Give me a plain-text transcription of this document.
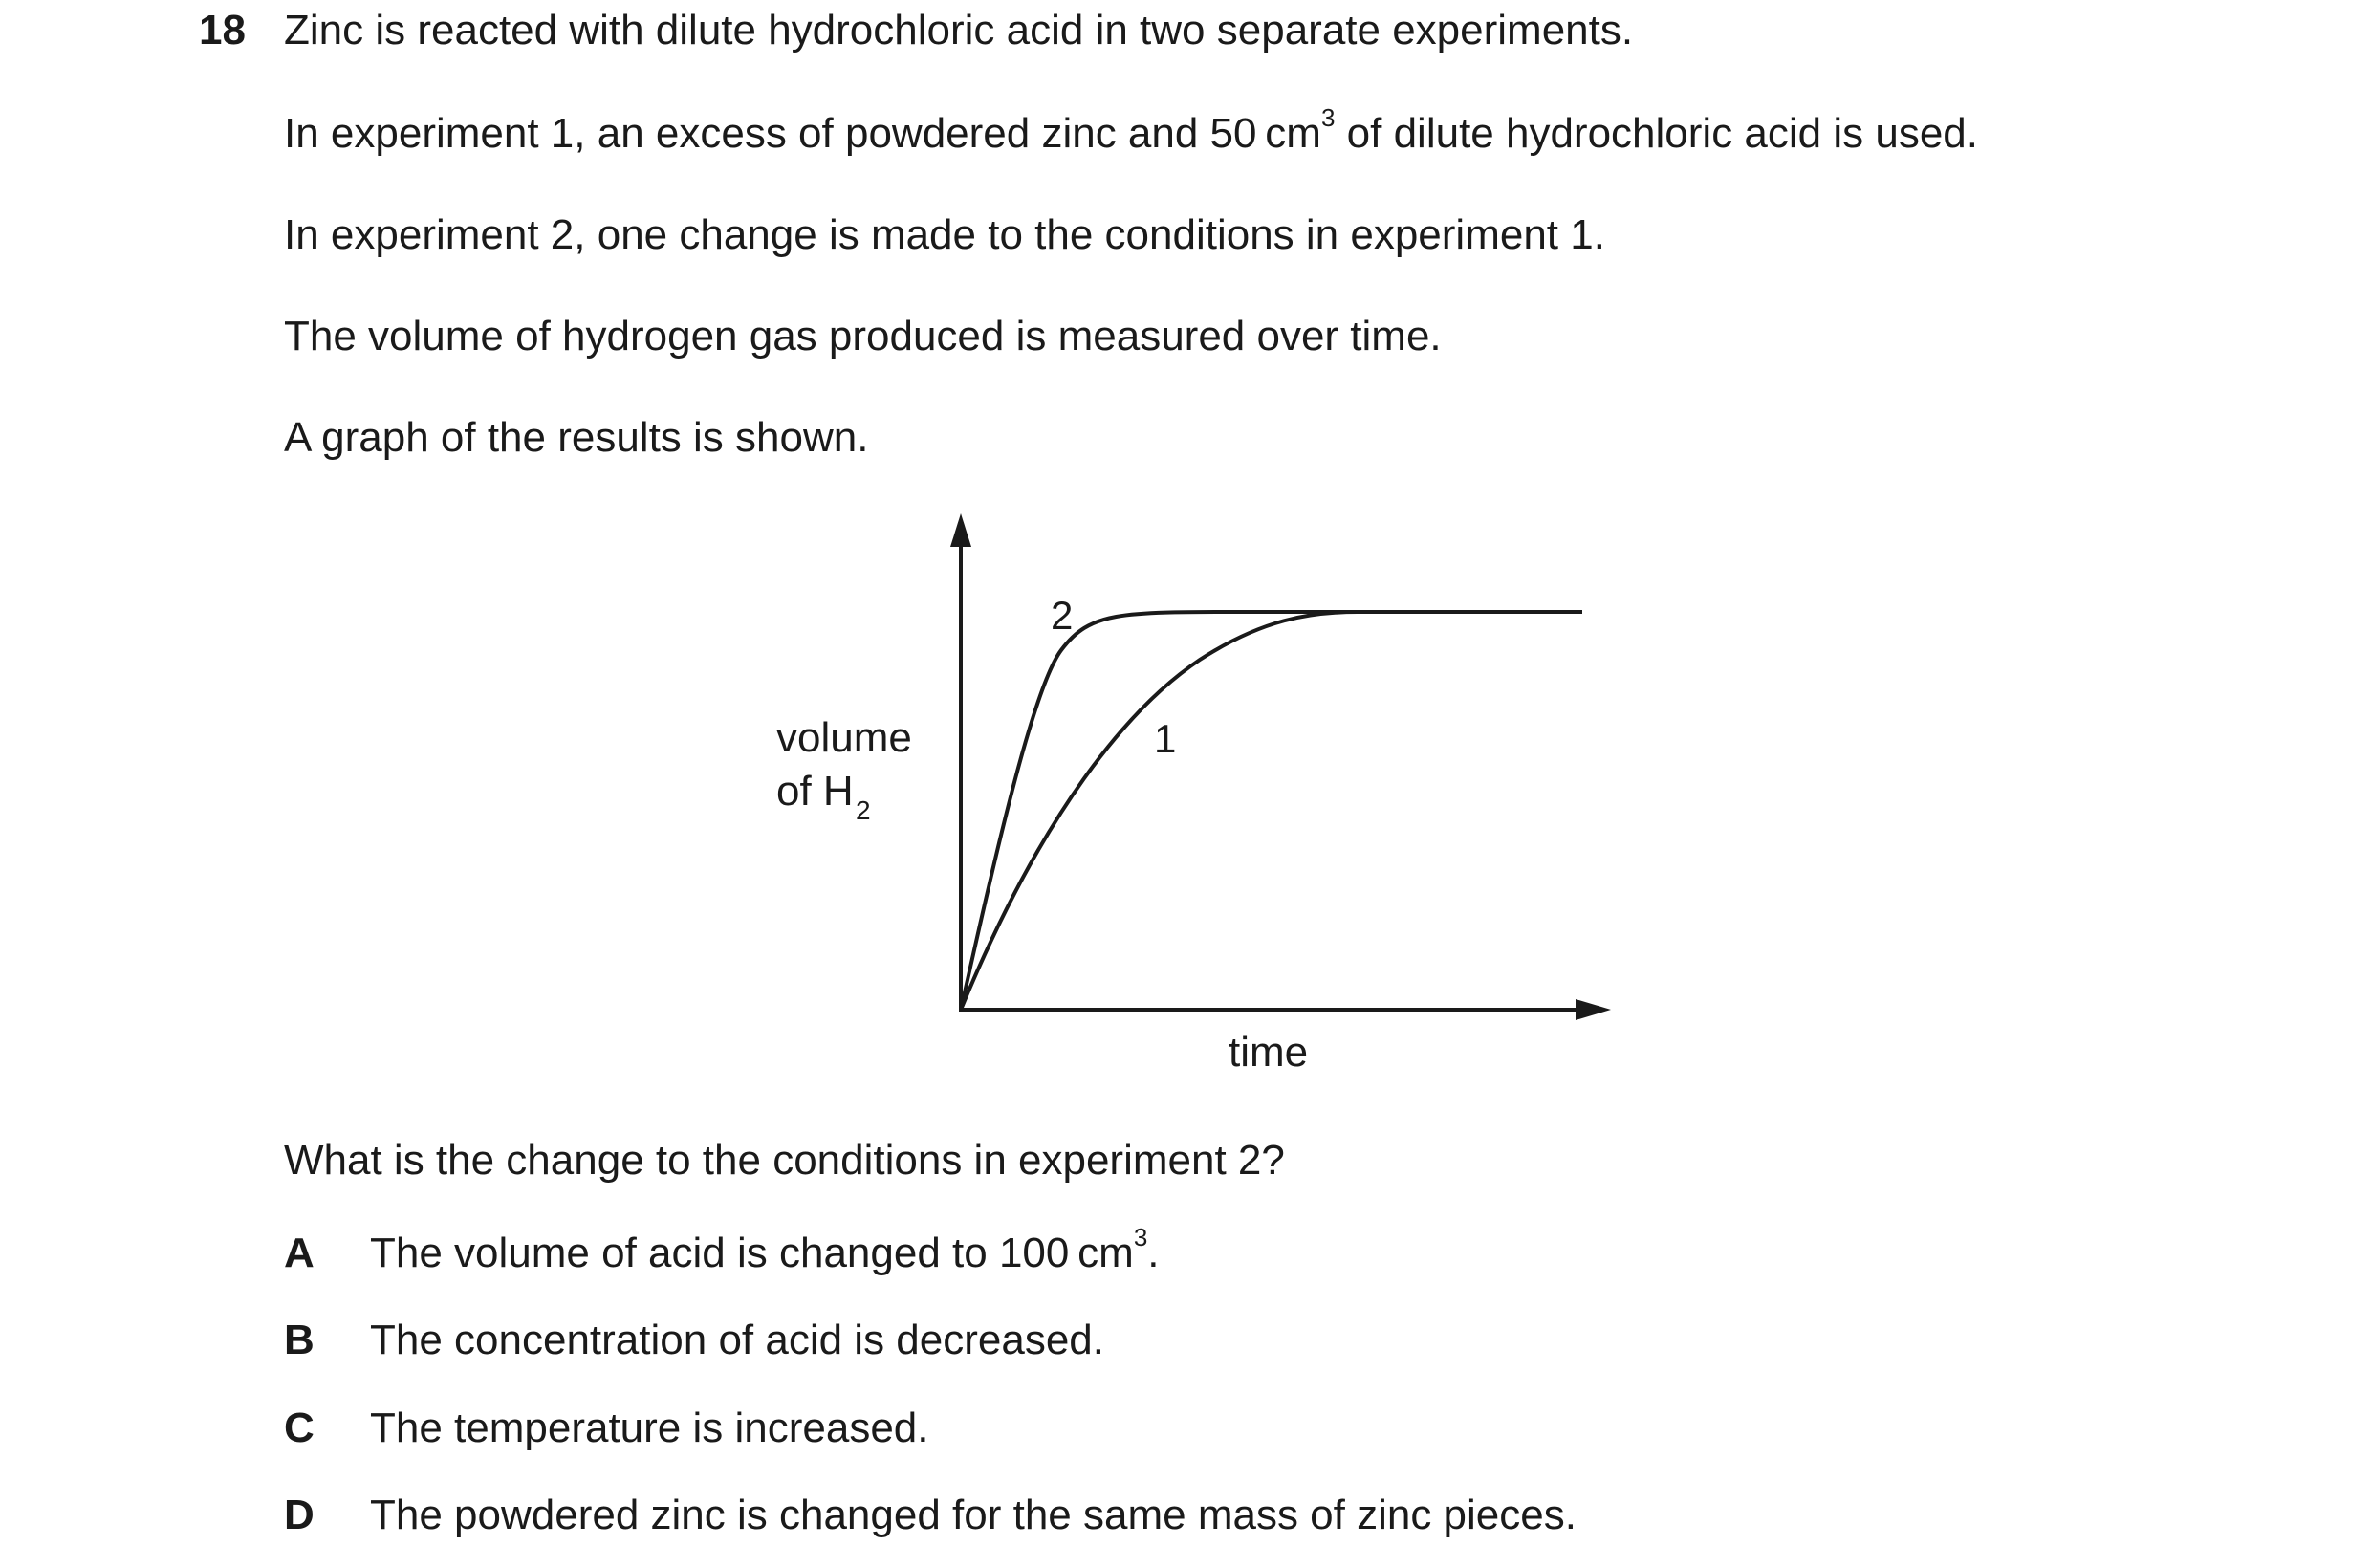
18 Zinc is reacted with dilute hydrochloric acid in two separate experiments.
In experiment 1, an excess of powdered zinc and 50 $cm^3$ of dilute hydrochloric acid is used.
In experiment 2, one change is made to the conditions in experiment 1.
The volume of hydrogen gas produced is measured over time.
A graph of the results is shown.
2
1
volume
of H 2
time
What is the change to the conditions in experiment 2?
A The volume of acid is changed to 100 $cm^3$.
B The concentration of acid is decreased.
C The temperature is increased.
D The powdered zinc is changed for the same mass of zinc pieces.
